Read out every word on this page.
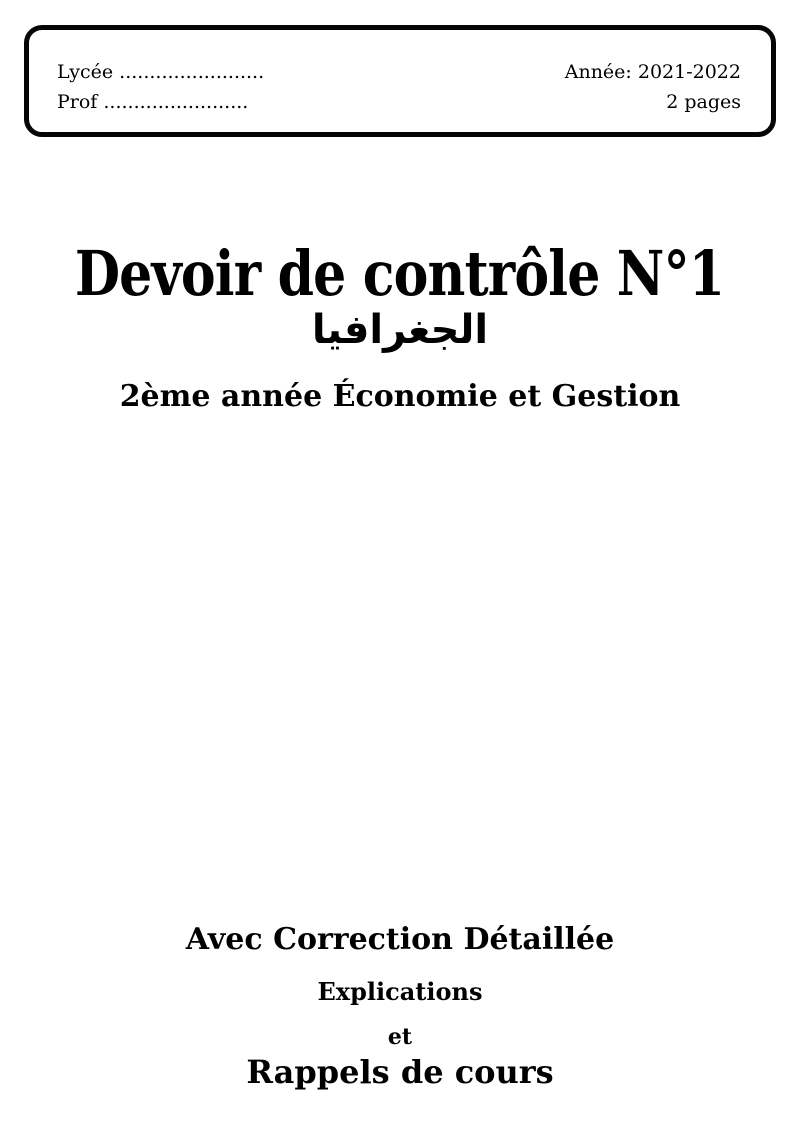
Lycée ........................
Prof ........................
Année: 2021-2022
2 pages
Devoir de contrôle N°1
الجغرافيا
2ème année Économie et Gestion
Avec Correction Détaillée
Explications
et
Rappels de cours
